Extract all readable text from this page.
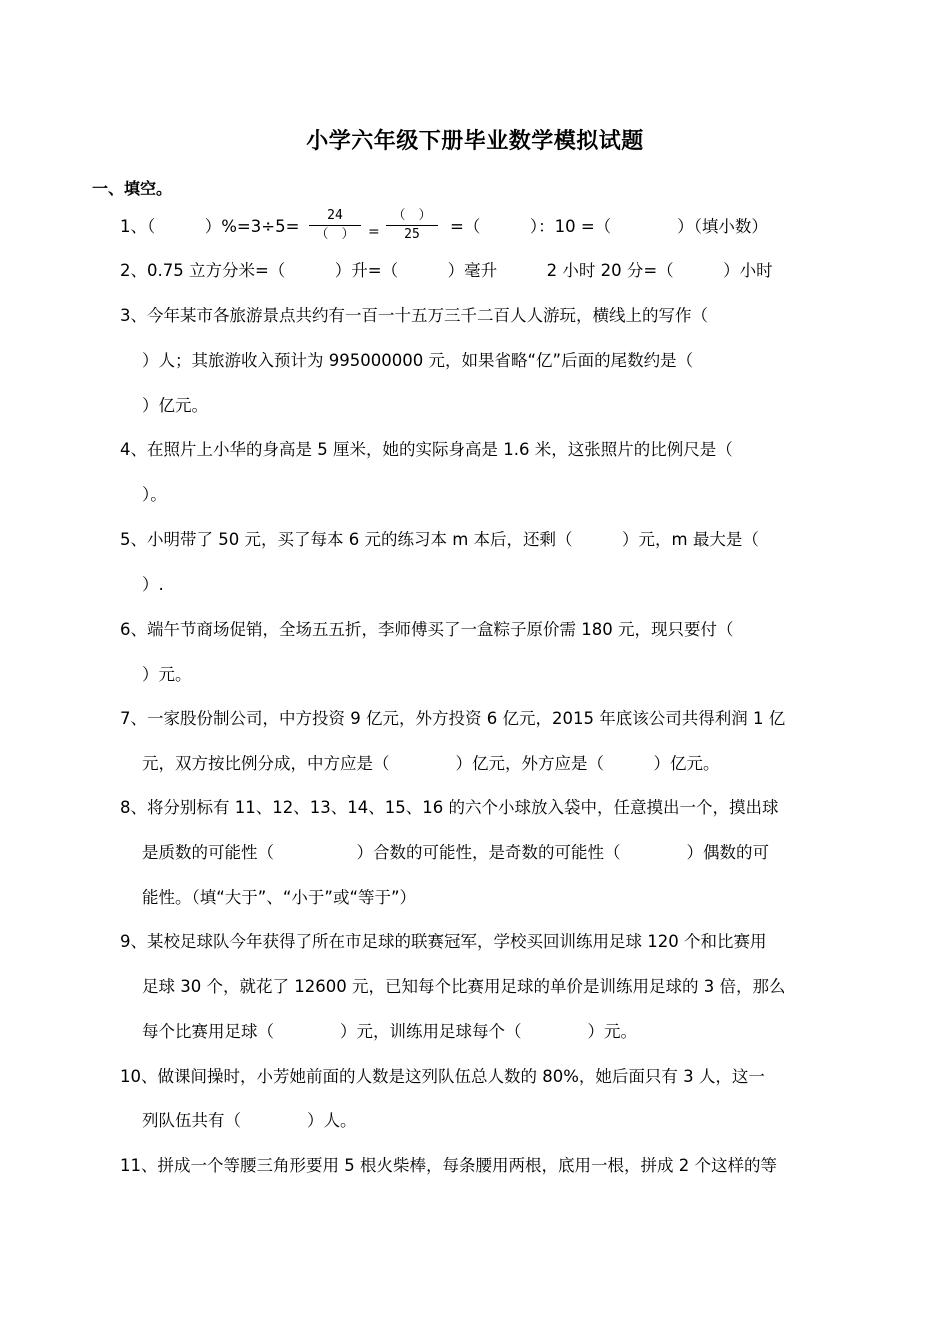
小学六年级下册毕业数学模拟试题
一、填空。
1、（　　　）%=3÷5=
24
（　） =
（　）
25	=（　　　）：10 =（　　　　）（填小数）
2、0.75 立方分米=（　　　）升=（　　　）毫升　　　2 小时 20 分=（　　　）小时
3、今年某市各旅游景点共约有一百一十五万三千二百人人游玩，横线上的写作（
）人；其旅游收入预计为 995000000 元，如果省略“亿”后面的尾数约是（
）亿元。
4、在照片上小华的身高是 5 厘米，她的实际身高是 1.6 米，这张照片的比例尺是（
）。
5、小明带了 50 元，买了每本 6 元的练习本 m 本后，还剩（　　　）元，m 最大是（
）.
6、端午节商场促销，全场五五折，李师傅买了一盒粽子原价需 180 元，现只要付（
）元。
7、一家股份制公司，中方投资 9 亿元，外方投资 6 亿元，2015 年底该公司共得利润 1 亿
元，双方按比例分成，中方应是（　　　　）亿元，外方应是（　　　）亿元。
8、将分别标有 11、12、13、14、15、16 的六个小球放入袋中，任意摸出一个，摸出球
是质数的可能性（　　　　　）合数的可能性，是奇数的可能性（　　　　）偶数的可
能性。（填“大于”、“小于”或“等于”）
9、某校足球队今年获得了所在市足球的联赛冠军，学校买回训练用足球 120 个和比赛用
足球 30 个，就花了 12600 元，已知每个比赛用足球的单价是训练用足球的 3 倍，那么
每个比赛用足球（　　　　）元，训练用足球每个（　　　　）元。
10、做课间操时，小芳她前面的人数是这列队伍总人数的 80%，她后面只有 3 人，这一
列队伍共有（　　　　）人。
11、拼成一个等腰三角形要用 5 根火柴棒，每条腰用两根，底用一根，拼成 2 个这样的等
